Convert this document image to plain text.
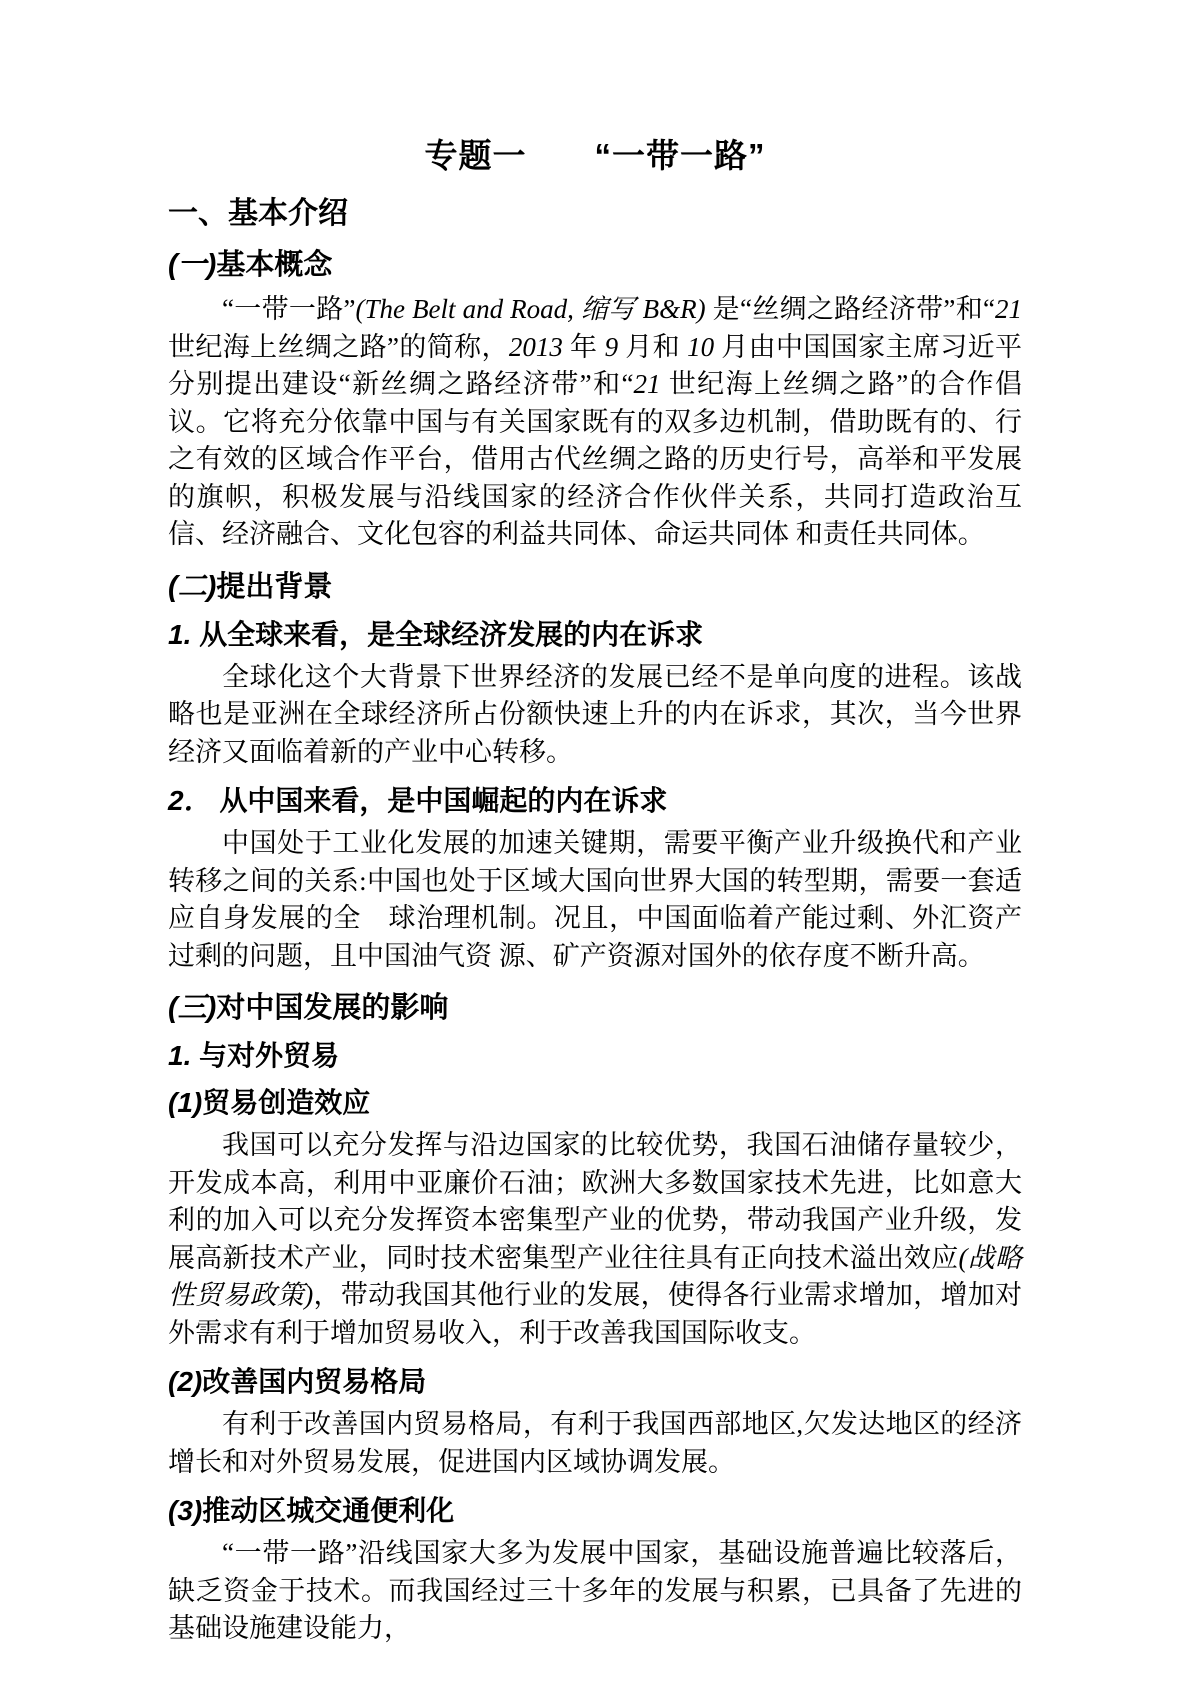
专题一　　“一带一路”
一、基本介绍
(一)基本概念
“一带一路”(The Belt and Road, 缩写 B&R) 是“丝绸之路经济带”和“21世纪海上丝绸之路”的简称，2013 年 9 月和 10 月由中国国家主席习近平分别提出建设“新丝绸之路经济带”和“21 世纪海上丝绸之路”的合作倡议。它将充分依靠中国与有关国家既有的双多边机制，借助既有的、行之有效的区域合作平台，借用古代丝绸之路的历史行号，高举和平发展的旗帜，积极发展与沿线国家的经济合作伙伴关系，共同打造政治互信、经济融合、文化包容的利益共同体、命运共同体 和责任共同体。
(二)提出背景
1. 从全球来看，是全球经济发展的内在诉求
全球化这个大背景下世界经济的发展已经不是单向度的进程。该战略也是亚洲在全球经济所占份额快速上升的内在诉求，其次，当今世界经济又面临着新的产业中心转移。
2． 从中国来看，是中国崛起的内在诉求
中国处于工业化发展的加速关键期，需要平衡产业升级换代和产业转移之间的关系:中国也处于区域大国向世界大国的转型期，需要一套适应自身发展的全　球治理机制。况且，中国面临着产能过剩、外汇资产过剩的问题，且中国油气资 源、矿产资源对国外的依存度不断升高。
(三)对中国发展的影响
1. 与对外贸易
(1)贸易创造效应
我国可以充分发挥与沿边国家的比较优势，我国石油储存量较少，开发成本高，利用中亚廉价石油；欧洲大多数国家技术先进，比如意大利的加入可以充分发挥资本密集型产业的优势，带动我国产业升级，发展高新技术产业，同时技术密集型产业往往具有正向技术溢出效应(战略性贸易政策)，带动我国其他行业的发展，使得各行业需求增加，增加对外需求有利于增加贸易收入，利于改善我国国际收支。
(2)改善国内贸易格局
有利于改善国内贸易格局，有利于我国西部地区,欠发达地区的经济增长和对外贸易发展，促进国内区域协调发展。
(3)推动区城交通便利化
“一带一路”沿线国家大多为发展中国家，基础设施普遍比较落后，缺乏资金于技术。而我国经过三十多年的发展与积累，已具备了先进的基础设施建设能力，
